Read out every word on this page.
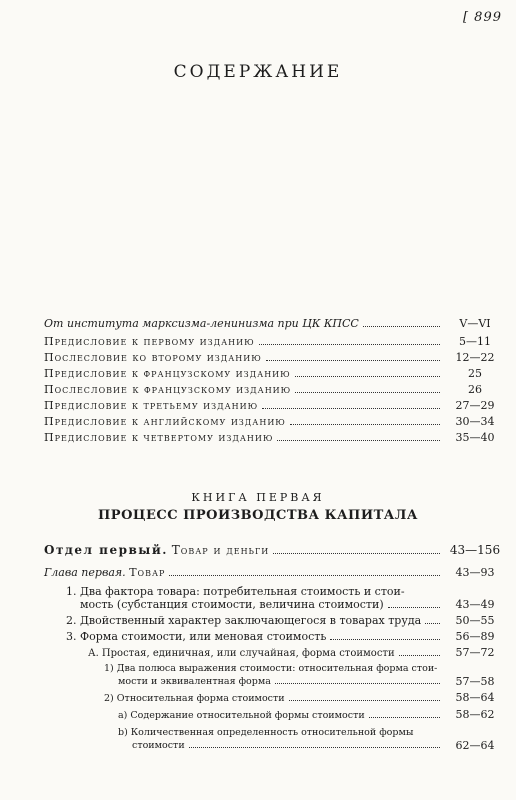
[ 899
СОДЕРЖАНИЕ
От института марксизма-ленинизма при ЦК КПСС	V—VI
Предисловие к первому изданию	5—11
Послесловие ко второму изданию	12—22
Предисловие к французскому изданию	25
Послесловие к французскому изданию	26
Предисловие к третьему изданию	27—29
Предисловие к английскому изданию	30—34
Предисловие к четвертому изданию	35—40
КНИГА ПЕРВАЯ
ПРОЦЕСС ПРОИЗВОДСТВА КАПИТАЛА
Отдел первый. Товар и деньги	43—156
Глава первая. Товар	43—93
1. Два фактора товара: потребительная стоимость и стои-
мость (субстанция стоимости, величина стоимости)	43—49
2. Двойственный характер заключающегося в товарах труда	50—55
3. Форма стоимости, или меновая стоимость	56—89
А. Простая, единичная, или случайная, форма стоимости	57—72
1) Два полюса выражения стоимости: относительная форма стои-
мости и эквивалентная форма	57—58
2) Относительная форма стоимости	58—64
a) Содержание относительной формы стоимости	58—62
b) Количественная определенность относительной формы
стоимости	62—64
